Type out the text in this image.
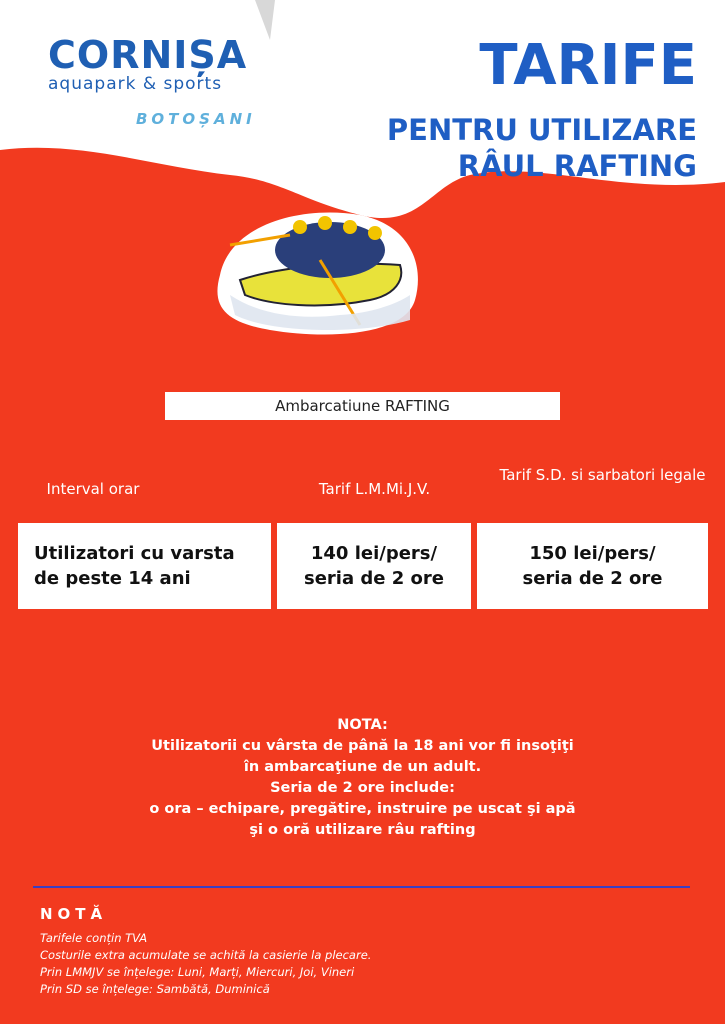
CORNIȘA
aquapark & sports
BOTOȘANI
TARIFE
PENTRU UTILIZARE
RÂUL RAFTING
Ambarcatiune RAFTING
Interval orar	Tarif L.M.Mi.J.V.
Tarif S.D. si sarbatori legale
Utilizatori cu varsta
de peste 14 ani
140 lei/pers/
seria de 2 ore
150 lei/pers/
seria de 2 ore
NOTA:
Utilizatorii cu vârsta de până la 18 ani vor fi insoţiţi
în ambarcaţiune de un adult.
Seria de 2 ore include:
o ora – echipare, pregătire, instruire pe uscat şi apă
şi o oră utilizare râu rafting
NOTĂ
Tarifele conțin TVA
Costurile extra acumulate se achită la casierie la plecare.
Prin LMMJV se înțelege: Luni, Marți, Miercuri, Joi, Vineri
Prin SD se înțelege: Sambătă, Duminică
